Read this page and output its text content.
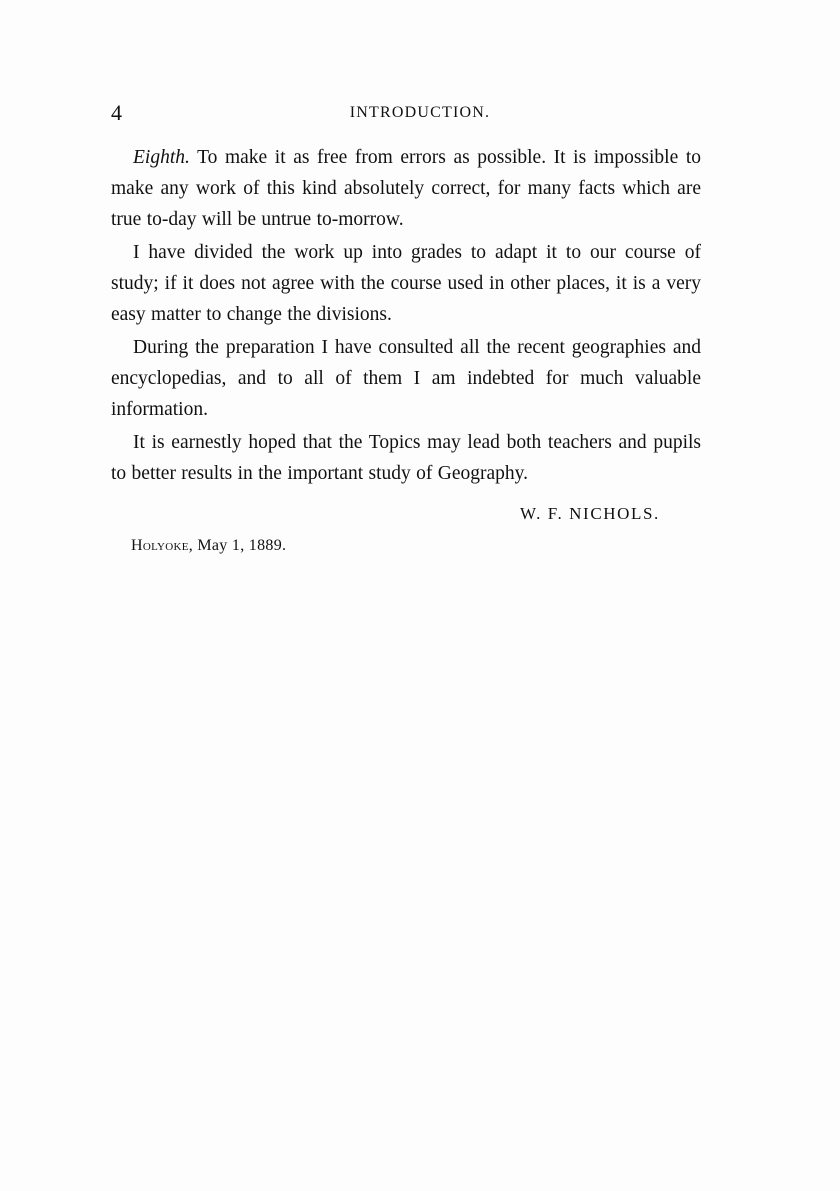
4	INTRODUCTION.

Eighth. To make it as free from errors as possible. It is impossible to make any work of this kind absolutely correct, for many facts which are true to-day will be untrue to-morrow.

I have divided the work up into grades to adapt it to our course of study; if it does not agree with the course used in other places, it is a very easy matter to change the divisions.

During the preparation I have consulted all the recent geographies and encyclopedias, and to all of them I am indebted for much valuable information.

It is earnestly hoped that the Topics may lead both teachers and pupils to better results in the important study of Geography.

W. F. NICHOLS.
Holyoke, May 1, 1889.
